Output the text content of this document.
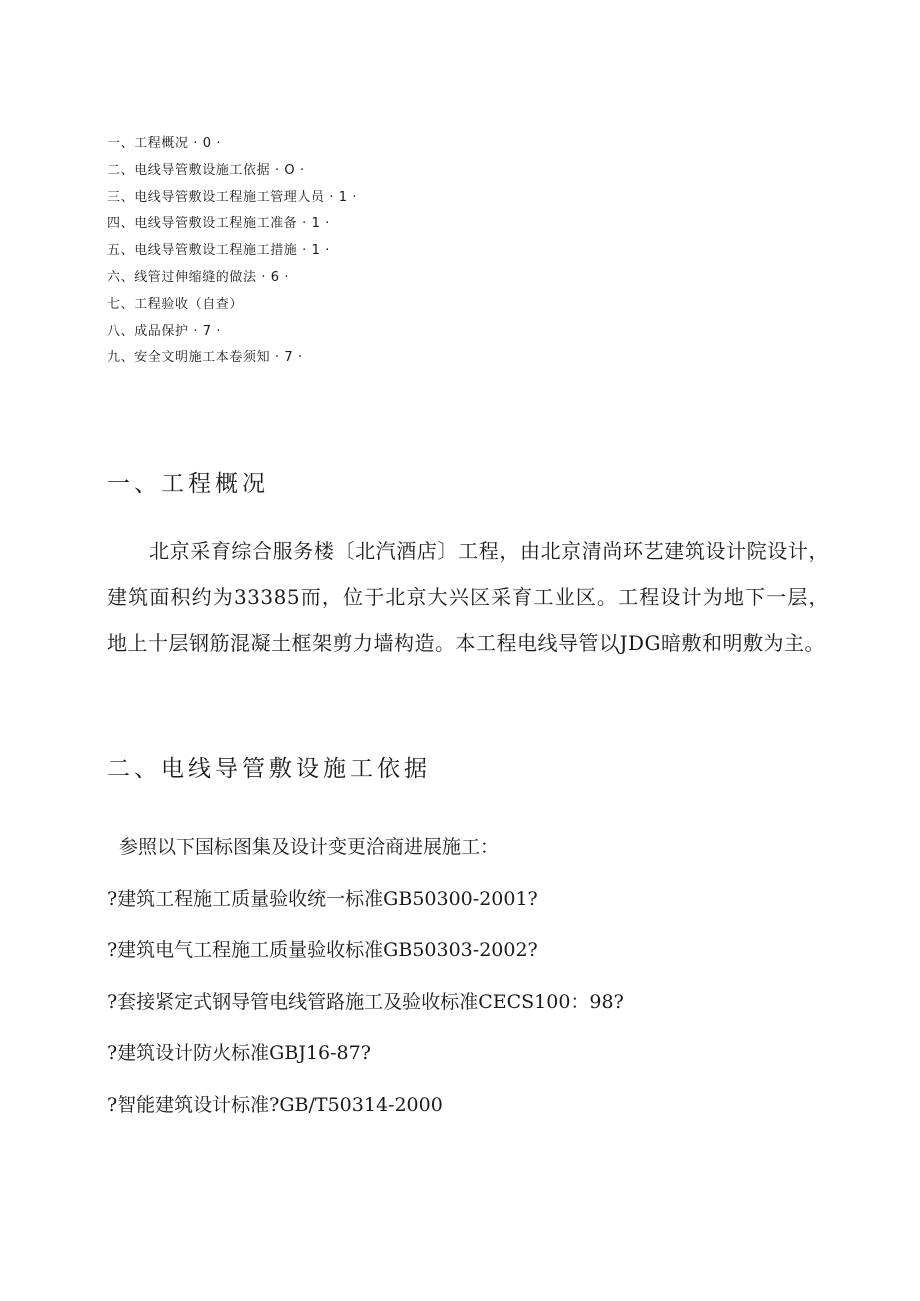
一、工程概况 · 0 ·
二、电线导管敷设施工依据 · O ·
三、电线导管敷设工程施工管理人员 · 1 ·
四、电线导管敷设工程施工准备 · 1 ·
五、电线导管敷设工程施工措施 · 1 ·
六、线管过伸缩缝的做法 · 6 ·
七、工程验收（自查）
八、成品保护 · 7 ·
九、安全文明施工本卷须知 · 7 ·
一、工程概况

北京采育综合服务楼〔北汽酒店〕工程，由北京清尚环艺建筑设计院设计，建筑面积约为33385而，位于北京大兴区采育工业区。工程设计为地下一层，地上十层钢筋混凝土框架剪力墙构造。本工程电线导管以JDG暗敷和明敷为主。

二、电线导管敷设施工依据
参照以下国标图集及设计变更洽商进展施工：
?建筑工程施工质量验收统一标准GB50300-2001?
?建筑电气工程施工质量验收标准GB50303-2002?
?套接紧定式钢导管电线管路施工及验收标准CECS100：98?
?建筑设计防火标准GBJ16-87?
?智能建筑设计标准?GB/T50314-2000
